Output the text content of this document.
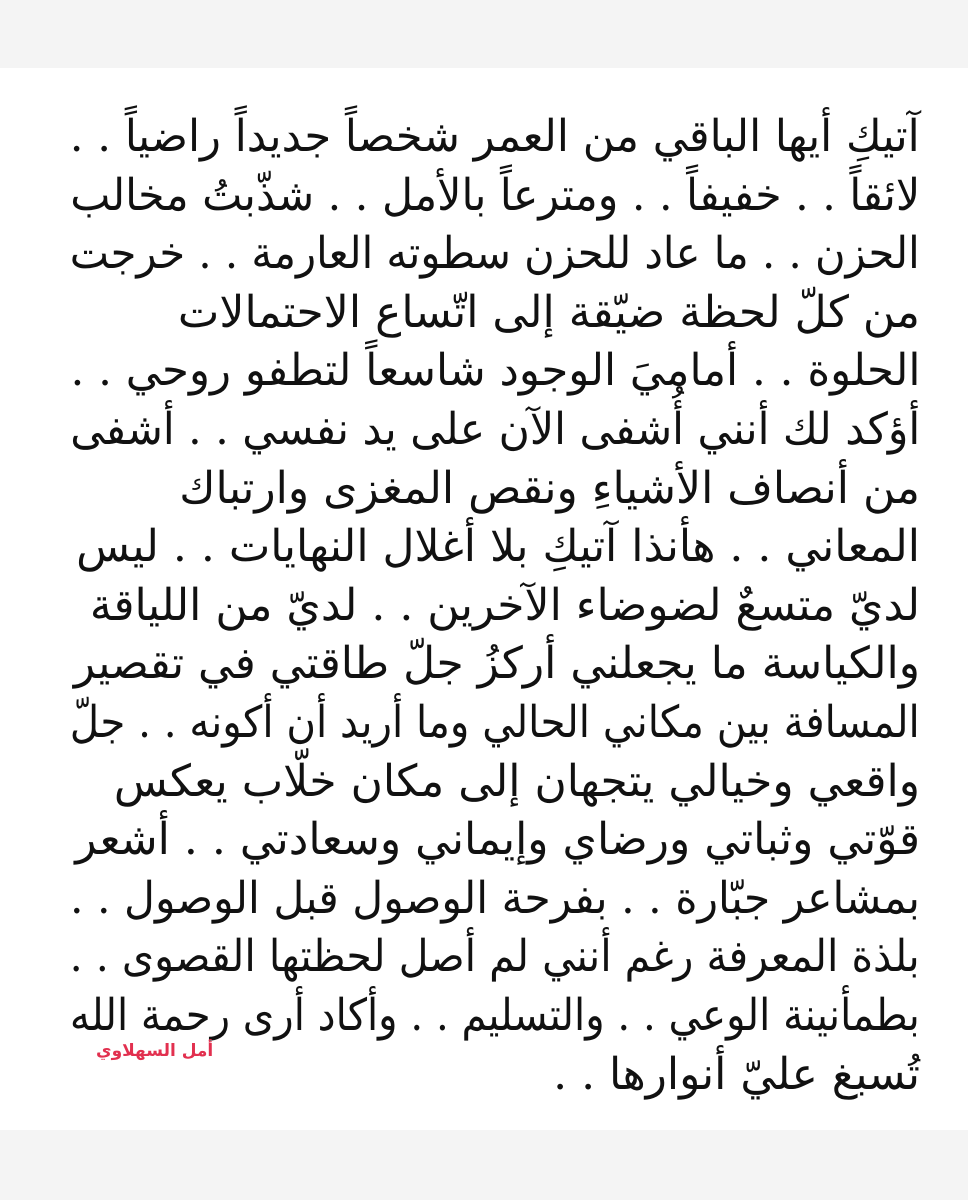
آتيكِ أيها الباقي من العمر شخصاً جديداً راضياً . .
لائقاً . . خفيفاً . . ومترعاً بالأمل . . شذّبتُ مخالب
الحزن . . ما عاد للحزن سطوته العارمة . . خرجت
من كلّ لحظة ضيّقة إلى اتّساع الاحتمالات
الحلوة . . أماميَ الوجود شاسعاً لتطفو روحي . .
أؤكد لك أنني أُشفى الآن على يد نفسي . . أشفى
من أنصاف الأشياءِ ونقص المغزى وارتباك
المعاني . . هأنذا آتيكِ بلا أغلال النهايات . . ليس
لديّ متسعٌ لضوضاء الآخرين . . لديّ من اللياقة
والكياسة ما يجعلني أركزُ جلّ طاقتي في تقصير
المسافة بين مكاني الحالي وما أريد أن أكونه . . جلّ
واقعي وخيالي يتجهان إلى مكان خلّاب يعكس
قوّتي وثباتي ورضاي وإيماني وسعادتي . . أشعر
بمشاعر جبّارة . . بفرحة الوصول قبل الوصول . .
بلذة المعرفة رغم أنني لم أصل لحظتها القصوى . .
بطمأنينة الوعي . . والتسليم . . وأكاد أرى رحمة الله
تُسبغ عليّ أنوارها . .
أمل السهلاوي
